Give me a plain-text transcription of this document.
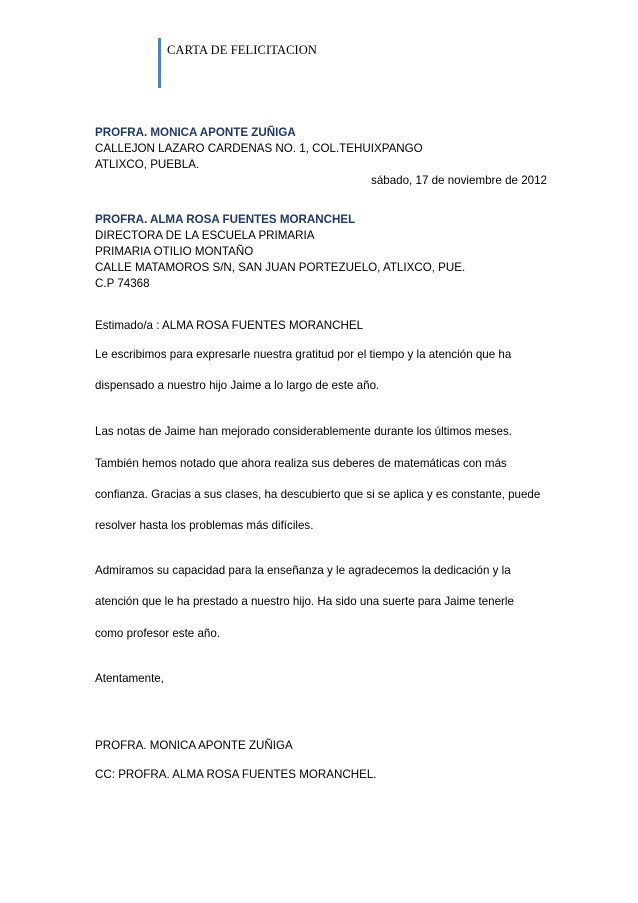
CARTA DE FELICITACION
PROFRA. MONICA APONTE ZUÑIGA
CALLEJON LAZARO CARDENAS NO. 1, COL.TEHUIXPANGO
ATLIXCO, PUEBLA.
sábado, 17 de noviembre de 2012
PROFRA. ALMA ROSA FUENTES MORANCHEL
DIRECTORA DE LA ESCUELA PRIMARIA
PRIMARIA OTILIO MONTAÑO
CALLE MATAMOROS S/N, SAN JUAN PORTEZUELO, ATLIXCO, PUE.
C.P 74368
Estimado/a : ALMA ROSA FUENTES MORANCHEL
Le escribimos para expresarle nuestra gratitud por el tiempo y la atención que ha
dispensado a nuestro hijo Jaime a lo largo de este año.
Las notas de Jaime han mejorado considerablemente durante los últimos meses.
También hemos notado que ahora realiza sus deberes de matemáticas con más
confianza. Gracias a sus clases, ha descubierto que si se aplica y es constante, puede
resolver hasta los problemas más difíciles.
Admiramos su capacidad para la enseñanza y le agradecemos la dedicación y la
atención que le ha prestado a nuestro hijo. Ha sido una suerte para Jaime tenerle
como profesor este año.
Atentamente,
PROFRA. MONICA APONTE ZUÑIGA
CC: PROFRA. ALMA ROSA FUENTES MORANCHEL.
